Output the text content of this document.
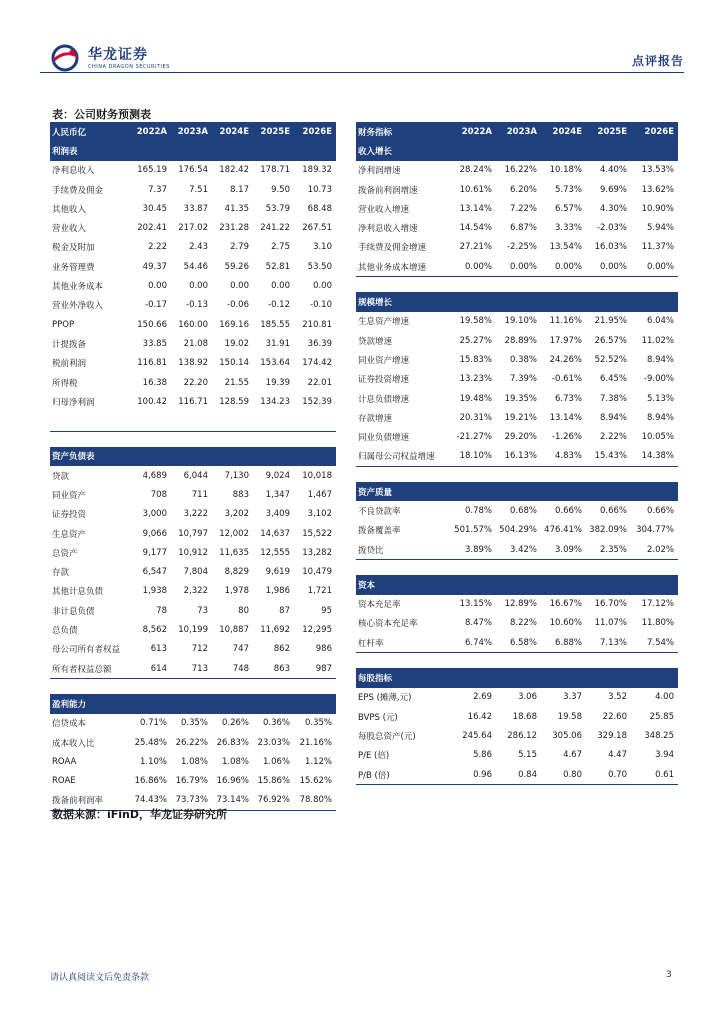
华龙证券
CHINA DRAGON SECURITIES	点评报告
表：公司财务预测表
人民币亿	2022A	2023A	2024E	2025E	2026E
利润表					
净利息收入	165.19	176.54	182.42	178.71	189.32
手续费及佣金	7.37	7.51	8.17	9.50	10.73
其他收入	30.45	33.87	41.35	53.79	68.48
营业收入	202.41	217.02	231.28	241.22	267.51
税金及附加	2.22	2.43	2.79	2.75	3.10
业务管理费	49.37	54.46	59.26	52.81	53.50
其他业务成本	0.00	0.00	0.00	0.00	0.00
营业外净收入	-0.17	-0.13	-0.06	-0.12	-0.10
PPOP	150.66	160.00	169.16	185.55	210.81
计提拨备	33.85	21.08	19.02	31.91	36.39
税前利润	116.81	138.92	150.14	153.64	174.42
所得税	16.38	22.20	21.55	19.39	22.01
归母净利润	100.42	116.71	128.59	134.23	152.39

资产负债表					
贷款	4,689	6,044	7,130	9,024	10,018
同业资产	708	711	883	1,347	1,467
证券投资	3,000	3,222	3,202	3,409	3,102
生息资产	9,066	10,797	12,002	14,637	15,522
总资产	9,177	10,912	11,635	12,555	13,282
存款	6,547	7,804	8,829	9,619	10,479
其他计息负债	1,938	2,322	1,978	1,986	1,721
非计息负债	78	73	80	87	95
总负债	8,562	10,199	10,887	11,692	12,295
母公司所有者权益	613	712	747	862	986
所有者权益总额	614	713	748	863	987

盈利能力					
信贷成本	0.71%	0.35%	0.26%	0.36%	0.35%
成本收入比	25.48%	26.22%	26.83%	23.03%	21.16%
ROAA	1.10%	1.08%	1.08%	1.06%	1.12%
ROAE	16.86%	16.79%	16.96%	15.86%	15.62%
拨备前利润率	74.43%	73.73%	73.14%	76.92%	78.80%
财务指标	2022A	2023A	2024E	2025E	2026E
收入增长					
净利润增速	28.24%	16.22%	10.18%	4.40%	13.53%
拨备前利润增速	10.61%	6.20%	5.73%	9.69%	13.62%
营业收入增速	13.14%	7.22%	6.57%	4.30%	10.90%
净利息收入增速	14.54%	6.87%	3.33%	-2.03%	5.94%
手续费及佣金增速	27.21%	-2.25%	13.54%	16.03%	11.37%
其他业务成本增速	0.00%	0.00%	0.00%	0.00%	0.00%

规模增长					
生息资产增速	19.58%	19.10%	11.16%	21.95%	6.04%
贷款增速	25.27%	28.89%	17.97%	26.57%	11.02%
同业资产增速	15.83%	0.38%	24.26%	52.52%	8.94%
证券投资增速	13.23%	7.39%	-0.61%	6.45%	-9.00%
计息负债增速	19.48%	19.35%	6.73%	7.38%	5.13%
存款增速	20.31%	19.21%	13.14%	8.94%	8.94%
同业负债增速	-21.27%	29.20%	-1.26%	2.22%	10.05%
归属母公司权益增速	18.10%	16.13%	4.83%	15.43%	14.38%

资产质量					
不良贷款率	0.78%	0.68%	0.66%	0.66%	0.66%
拨备覆盖率	501.57%	504.29%	476.41%	382.09%	304.77%
拨贷比	3.89%	3.42%	3.09%	2.35%	2.02%

资本					
资本充足率	13.15%	12.89%	16.67%	16.70%	17.12%
核心资本充足率	8.47%	8.22%	10.60%	11.07%	11.80%
杠杆率	6.74%	6.58%	6.88%	7.13%	7.54%

每股指标					
EPS (摊薄,元)	2.69	3.06	3.37	3.52	4.00
BVPS (元)	16.42	18.68	19.58	22.60	25.85
每股总资产(元)	245.64	286.12	305.06	329.18	348.25
P/E (倍)	5.86	5.15	4.67	4.47	3.94
P/B (倍)	0.96	0.84	0.80	0.70	0.61
数据来源：iFinD，华龙证券研究所
请认真阅读文后免责条款	3
